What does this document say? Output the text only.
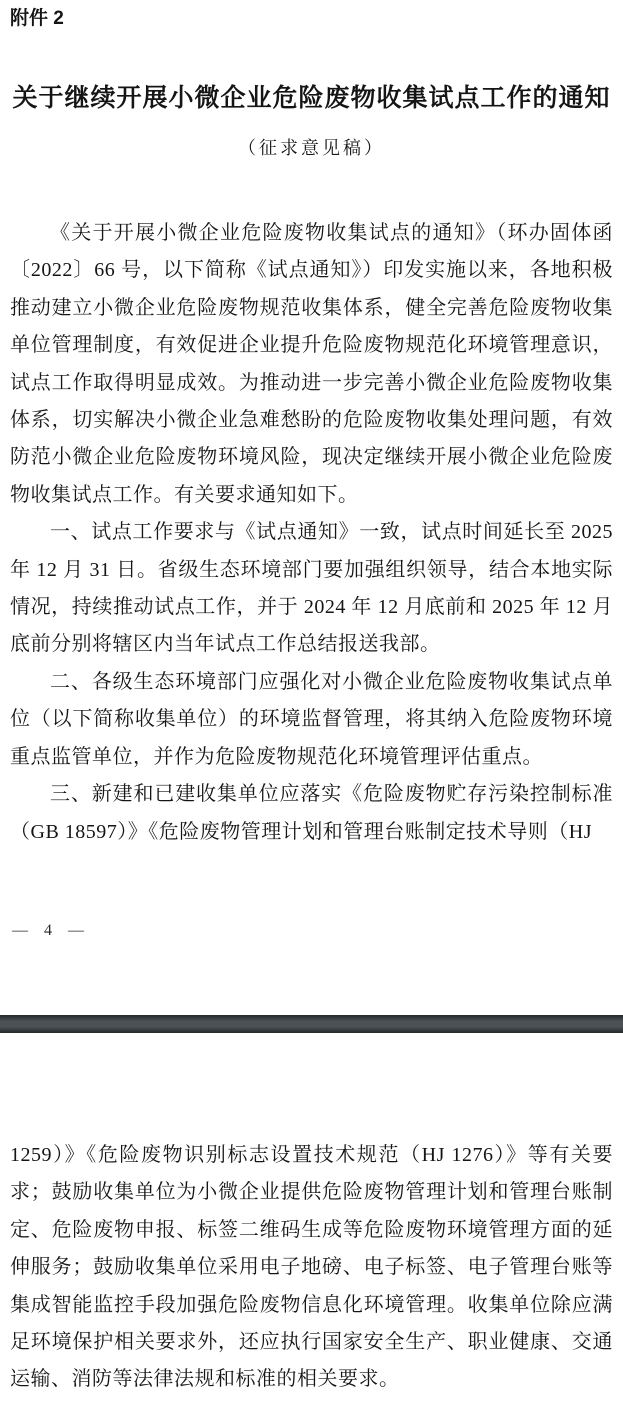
附件 2
关于继续开展小微企业危险废物收集试点工作的通知
（征求意见稿）

《关于开展小微企业危险废物收集试点的通知》（环办固体函〔2022〕66 号，以下简称《试点通知》）印发实施以来，各地积极推动建立小微企业危险废物规范收集体系，健全完善危险废物收集单位管理制度，有效促进企业提升危险废物规范化环境管理意识，试点工作取得明显成效。为推动进一步完善小微企业危险废物收集体系，切实解决小微企业急难愁盼的危险废物收集处理问题，有效防范小微企业危险废物环境风险，现决定继续开展小微企业危险废物收集试点工作。有关要求通知如下。

一、试点工作要求与《试点通知》一致，试点时间延长至 2025 年 12 月 31 日。省级生态环境部门要加强组织领导，结合本地实际情况，持续推动试点工作，并于 2024 年 12 月底前和 2025 年 12 月底前分别将辖区内当年试点工作总结报送我部。

二、各级生态环境部门应强化对小微企业危险废物收集试点单位（以下简称收集单位）的环境监督管理，将其纳入危险废物环境重点监管单位，并作为危险废物规范化环境管理评估重点。

三、新建和已建收集单位应落实《危险废物贮存污染控制标准（GB 18597）》《危险废物管理计划和管理台账制定技术导则（HJ

— 4 —

1259）》《危险废物识别标志设置技术规范（HJ 1276）》等有关要求；鼓励收集单位为小微企业提供危险废物管理计划和管理台账制定、危险废物申报、标签二维码生成等危险废物环境管理方面的延伸服务；鼓励收集单位采用电子地磅、电子标签、电子管理台账等集成智能监控手段加强危险废物信息化环境管理。收集单位除应满足环境保护相关要求外，还应执行国家安全生产、职业健康、交通运输、消防等法律法规和标准的相关要求。
